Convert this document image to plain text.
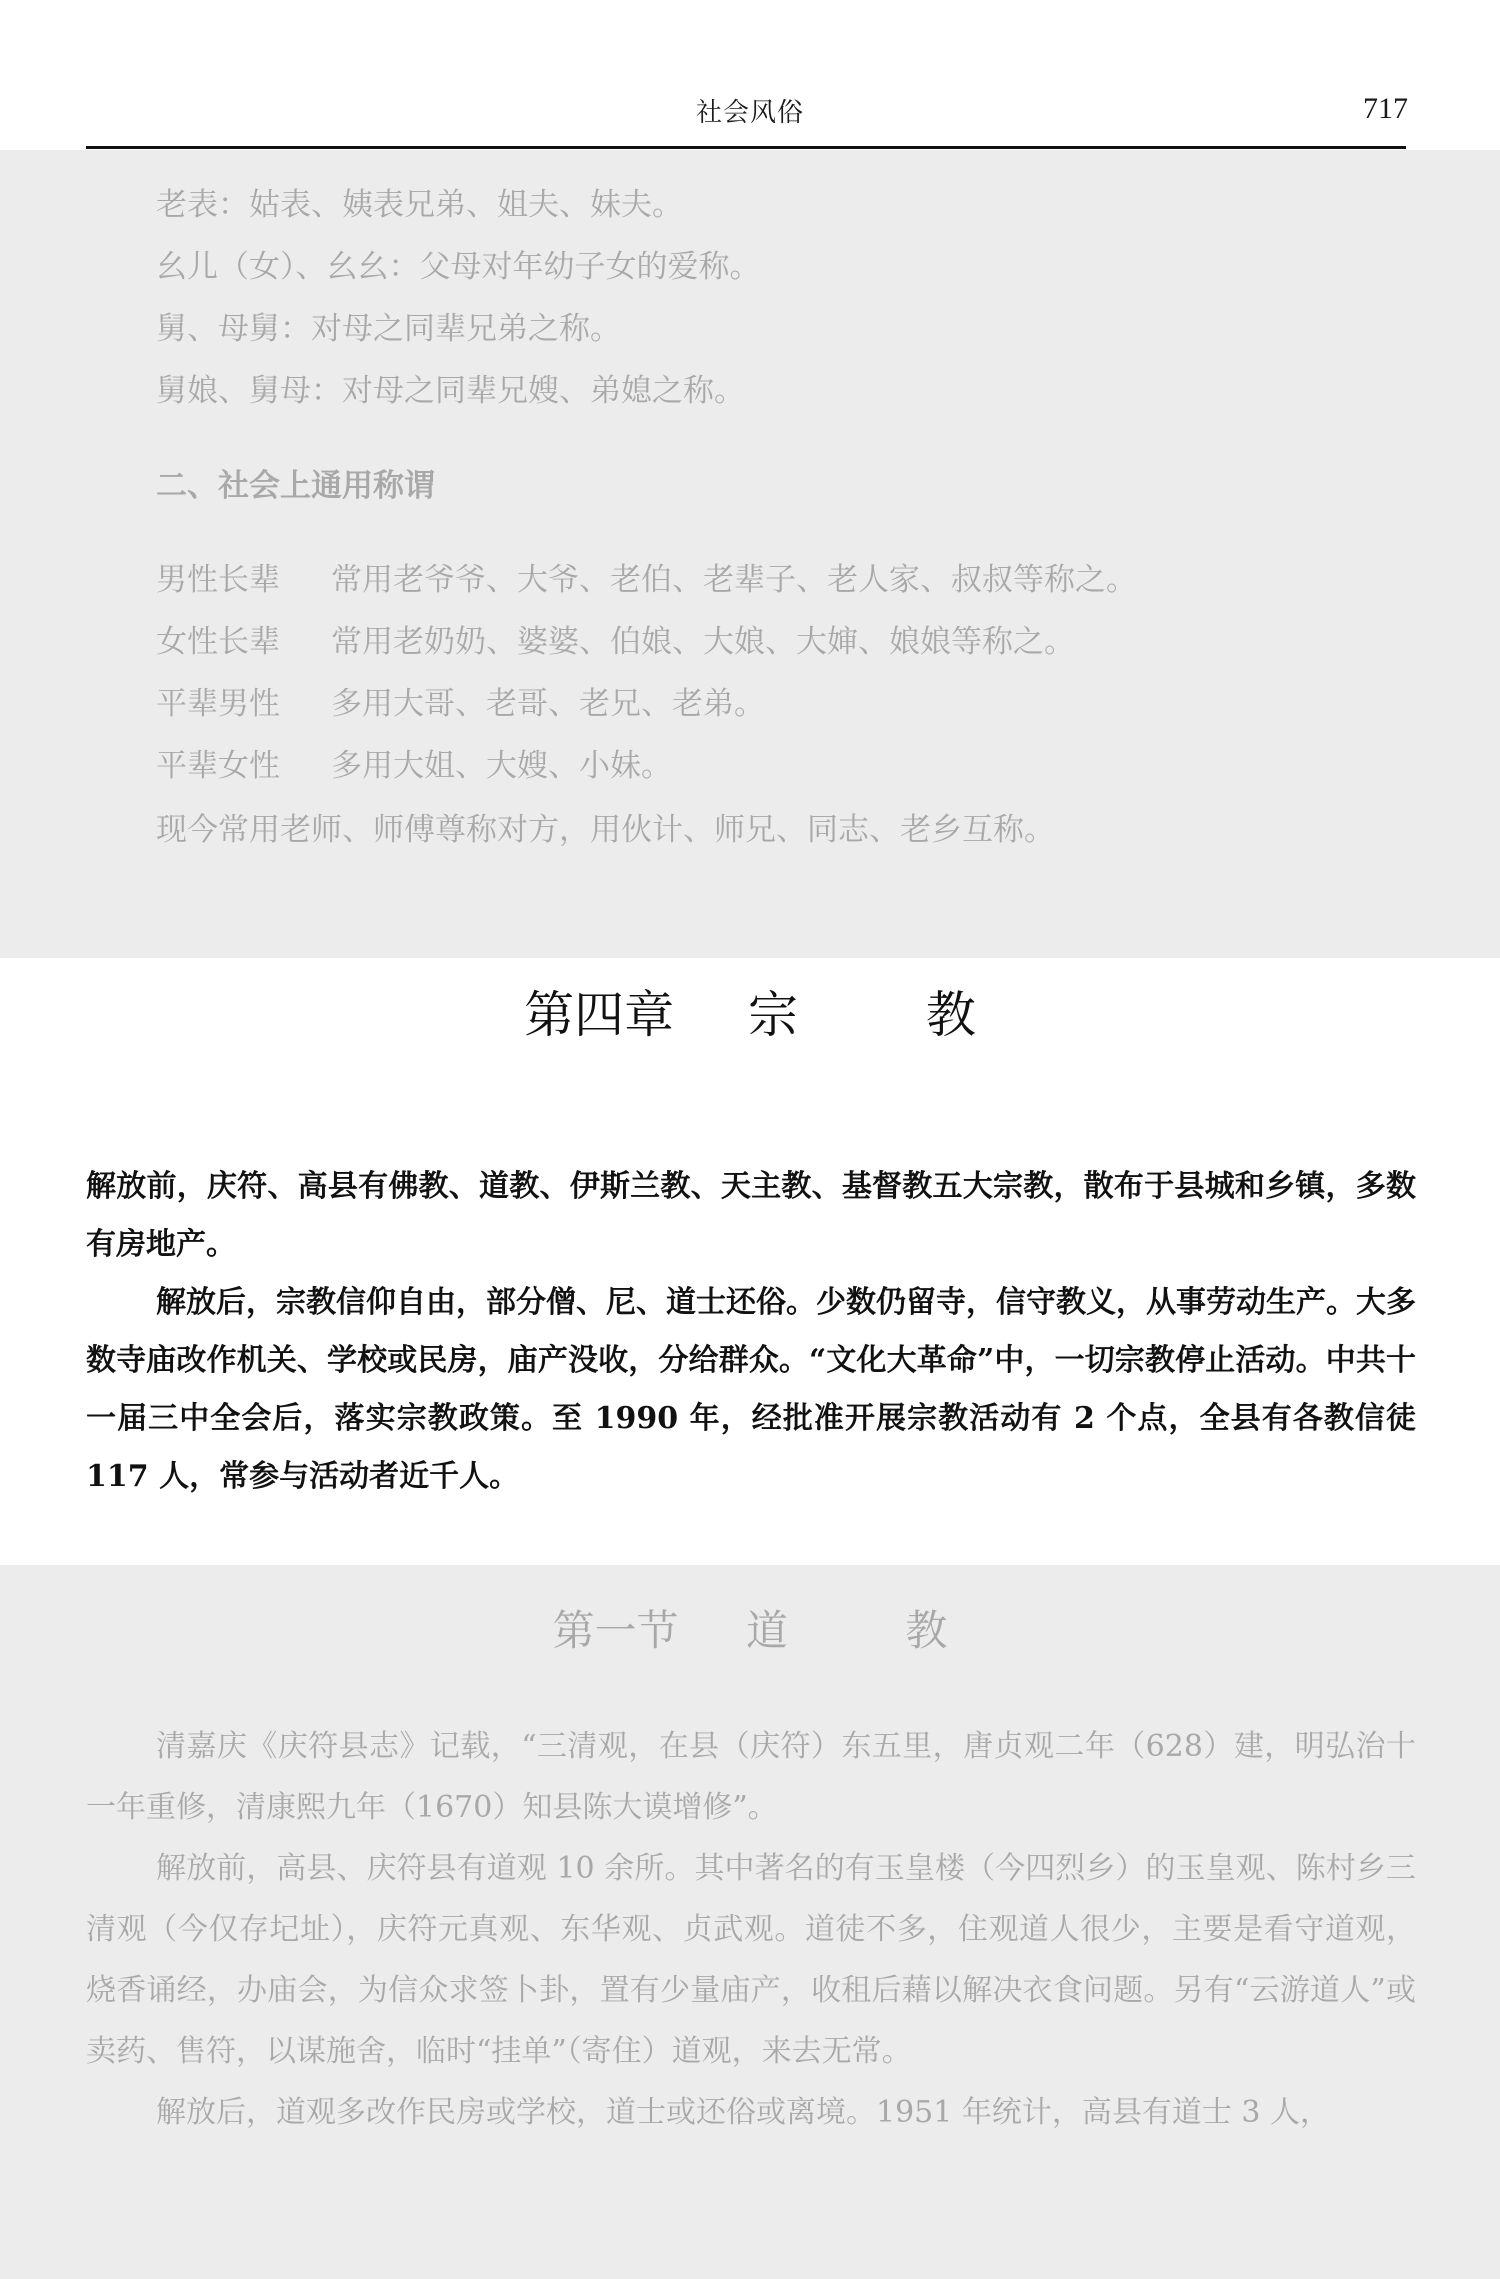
社会风俗	717
老表：姑表、姨表兄弟、姐夫、妹夫。
幺儿（女）、幺幺：父母对年幼子女的爱称。
舅、母舅：对母之同辈兄弟之称。
舅娘、舅母：对母之同辈兄嫂、弟媳之称。
二、社会上通用称谓
男性长辈 常用老爷爷、大爷、老伯、老辈子、老人家、叔叔等称之。
女性长辈 常用老奶奶、婆婆、伯娘、大娘、大婶、娘娘等称之。
平辈男性 多用大哥、老哥、老兄、老弟。
平辈女性 多用大姐、大嫂、小妹。
现今常用老师、师傅尊称对方，用伙计、师兄、同志、老乡互称。
第四章 宗	教

解放前，庆符、高县有佛教、道教、伊斯兰教、天主教、基督教五大宗教，散布于县城和乡镇，多数有房地产。

解放后，宗教信仰自由，部分僧、尼、道士还俗。少数仍留寺，信守教义，从事劳动生产。大多数寺庙改作机关、学校或民房，庙产没收，分给群众。“文化大革命”中，一切宗教停止活动。中共十一届三中全会后，落实宗教政策。至 1990 年，经批准开展宗教活动有 2 个点，全县有各教信徒 117 人，常参与活动者近千人。

第一节 道	教

清嘉庆《庆符县志》记载，“三清观，在县（庆符）东五里，唐贞观二年（628）建，明弘治十一年重修，清康熙九年（1670）知县陈大谟增修”。

解放前，高县、庆符县有道观 10 余所。其中著名的有玉皇楼（今四烈乡）的玉皇观、陈村乡三清观（今仅存圮址），庆符元真观、东华观、贞武观。道徒不多，住观道人很少，主要是看守道观，烧香诵经，办庙会，为信众求签卜卦，置有少量庙产，收租后藉以解决衣食问题。另有“云游道人”或卖药、售符，以谋施舍，临时“挂单”（寄住）道观，来去无常。

解放后，道观多改作民房或学校，道士或还俗或离境。1951 年统计，高县有道士 3 人，
